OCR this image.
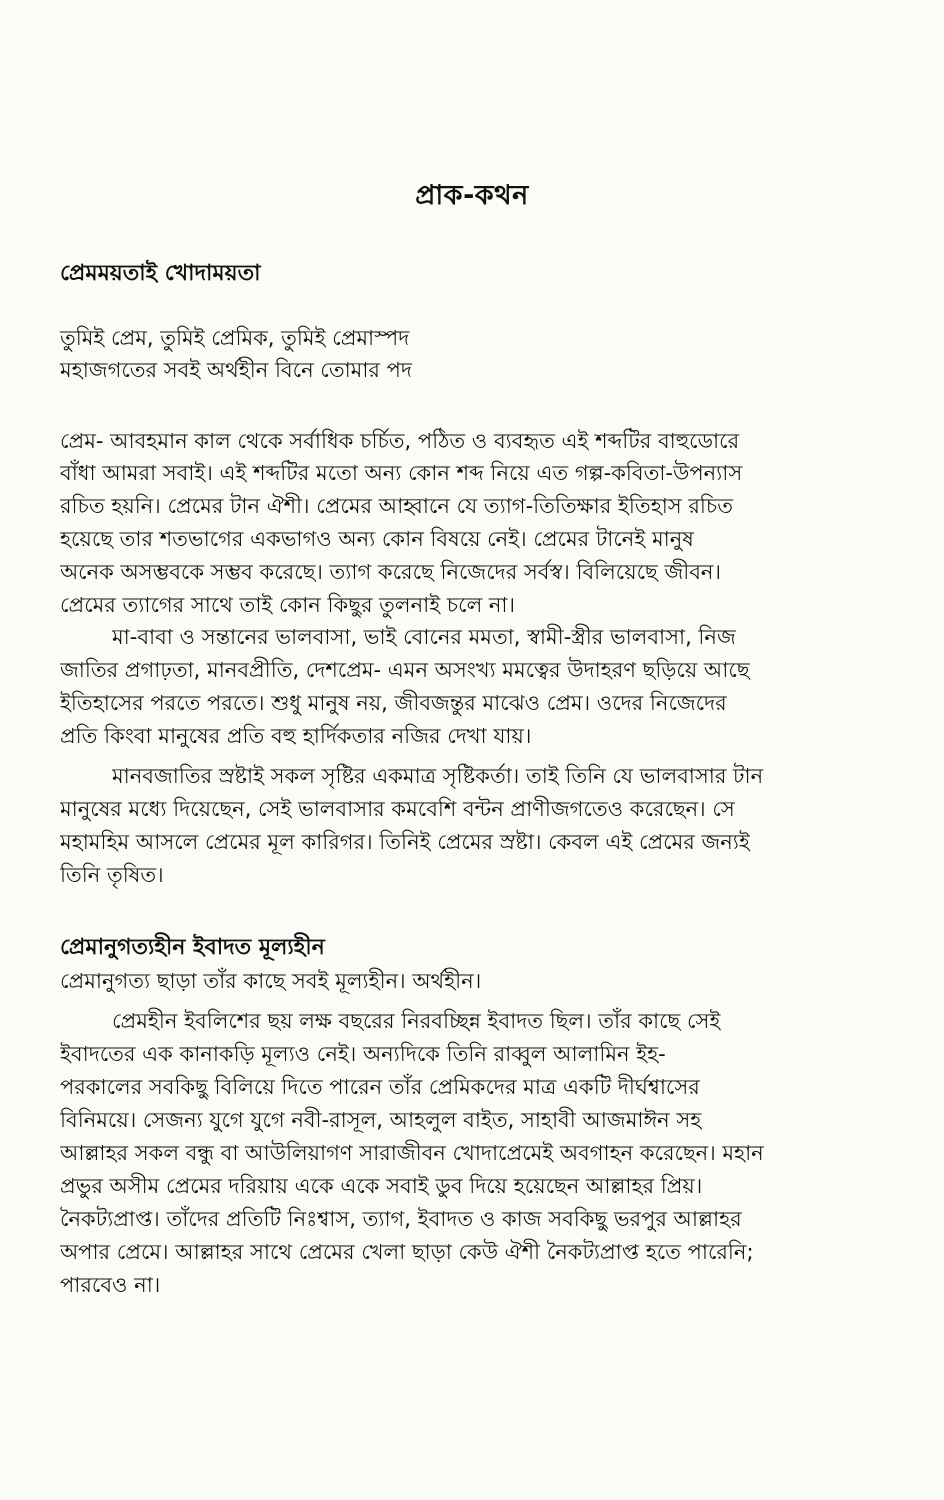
প্রাক-কথন
প্রেমময়তাই খোদাময়তা
তুমিই প্রেম, তুমিই প্রেমিক, তুমিই প্রেমাস্পদ
মহাজগতের সবই অর্থহীন বিনে তোমার পদ
প্রেম- আবহমান কাল থেকে সর্বাধিক চর্চিত, পঠিত ও ব্যবহৃত এই শব্দটির বাহুডোরে
বাঁধা আমরা সবাই। এই শব্দটির মতো অন্য কোন শব্দ নিয়ে এত গল্প-কবিতা-উপন্যাস
রচিত হয়নি। প্রেমের টান ঐশী। প্রেমের আহ্বানে যে ত্যাগ-তিতিক্ষার ইতিহাস রচিত
হয়েছে তার শতভাগের একভাগও অন্য কোন বিষয়ে নেই। প্রেমের টানেই মানুষ
অনেক অসম্ভবকে সম্ভব করেছে। ত্যাগ করেছে নিজেদের সর্বস্ব। বিলিয়েছে জীবন।
প্রেমের ত্যাগের সাথে তাই কোন কিছুর তুলনাই চলে না।
মা-বাবা ও সন্তানের ভালবাসা, ভাই বোনের মমতা, স্বামী-স্ত্রীর ভালবাসা, নিজ
জাতির প্রগাঢ়তা, মানবপ্রীতি, দেশপ্রেম- এমন অসংখ্য মমত্বের উদাহরণ ছড়িয়ে আছে
ইতিহাসের পরতে পরতে। শুধু মানুষ নয়, জীবজন্তুর মাঝেও প্রেম। ওদের নিজেদের
প্রতি কিংবা মানুষের প্রতি বহু হার্দিকতার নজির দেখা যায়।
মানবজাতির স্রষ্টাই সকল সৃষ্টির একমাত্র সৃষ্টিকর্তা। তাই তিনি যে ভালবাসার টান
মানুষের মধ্যে দিয়েছেন, সেই ভালবাসার কমবেশি বন্টন প্রাণীজগতেও করেছেন। সে
মহামহিম আসলে প্রেমের মূল কারিগর। তিনিই প্রেমের স্রষ্টা। কেবল এই প্রেমের জন্যই
তিনি তৃষিত।
প্রেমানুগত্যহীন ইবাদত মূল্যহীন
প্রেমানুগত্য ছাড়া তাঁর কাছে সবই মূল্যহীন। অর্থহীন।
প্রেমহীন ইবলিশের ছয় লক্ষ বছরের নিরবচ্ছিন্ন ইবাদত ছিল। তাঁর কাছে সেই
ইবাদতের এক কানাকড়ি মূল্যও নেই। অন্যদিকে তিনি রাব্বুল আলামিন ইহ-
পরকালের সবকিছু বিলিয়ে দিতে পারেন তাঁর প্রেমিকদের মাত্র একটি দীর্ঘশ্বাসের
বিনিময়ে। সেজন্য যুগে যুগে নবী-রাসূল, আহলুল বাইত, সাহাবী আজমাঈন সহ
আল্লাহর সকল বন্ধু বা আউলিয়াগণ সারাজীবন খোদাপ্রেমেই অবগাহন করেছেন। মহান
প্রভুর অসীম প্রেমের দরিয়ায় একে একে সবাই ডুব দিয়ে হয়েছেন আল্লাহর প্রিয়।
নৈকট্যপ্রাপ্ত। তাঁদের প্রতিটি নিঃশ্বাস, ত্যাগ, ইবাদত ও কাজ সবকিছু ভরপুর আল্লাহর
অপার প্রেমে। আল্লাহর সাথে প্রেমের খেলা ছাড়া কেউ ঐশী নৈকট্যপ্রাপ্ত হতে পারেনি;
পারবেও না।
